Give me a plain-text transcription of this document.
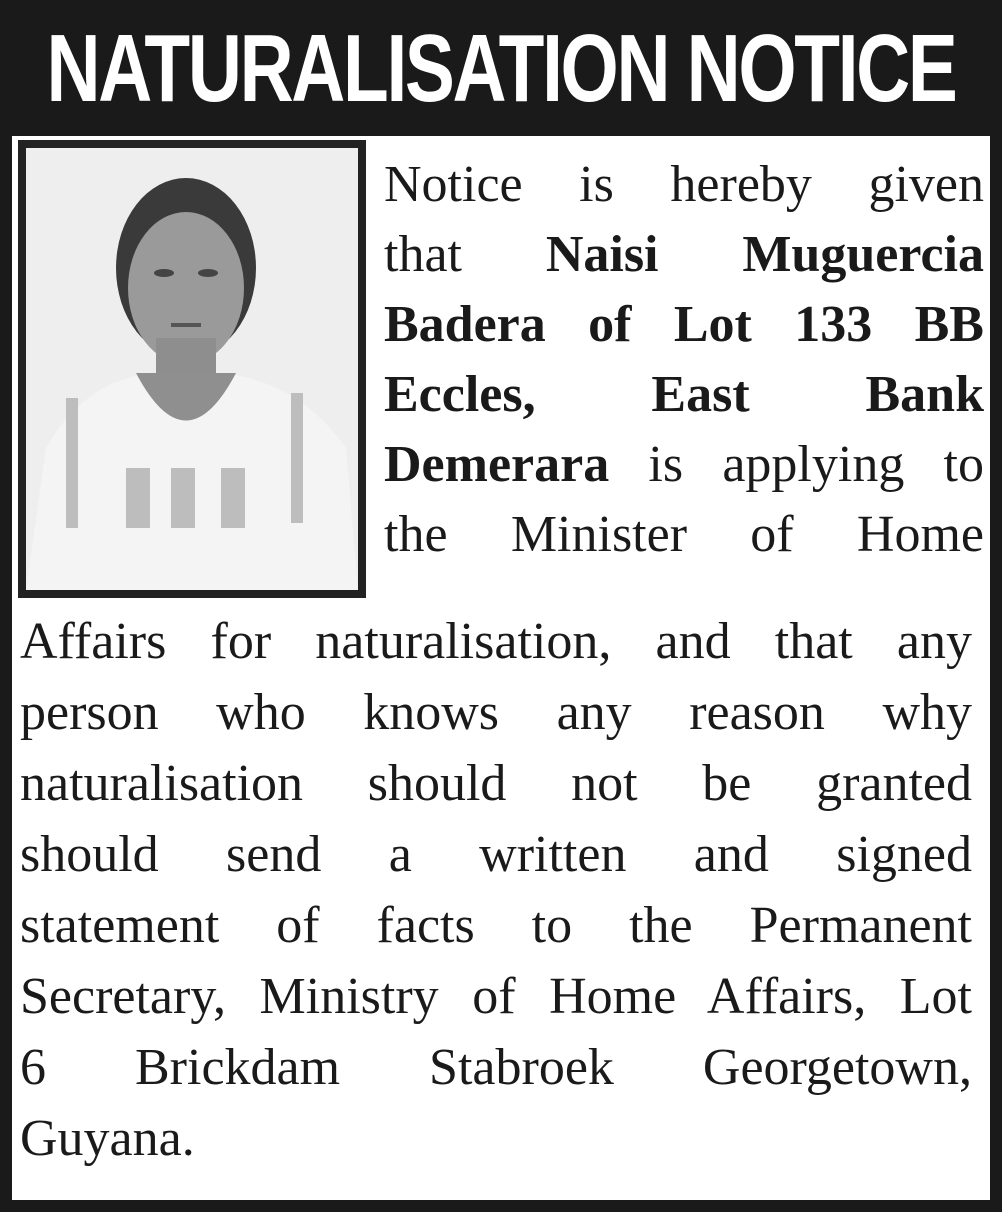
NATURALISATION NOTICE
Notice is hereby given
that Naisi Muguercia
Badera of Lot 133 BB
Eccles, East Bank
Demerara is applying to
the Minister of Home
Affairs for naturalisation, and that any
person who knows any reason why
naturalisation should not be granted
should send a written and signed
statement of facts to the Permanent
Secretary, Ministry of Home Affairs, Lot
6 Brickdam Stabroek Georgetown,
Guyana.
